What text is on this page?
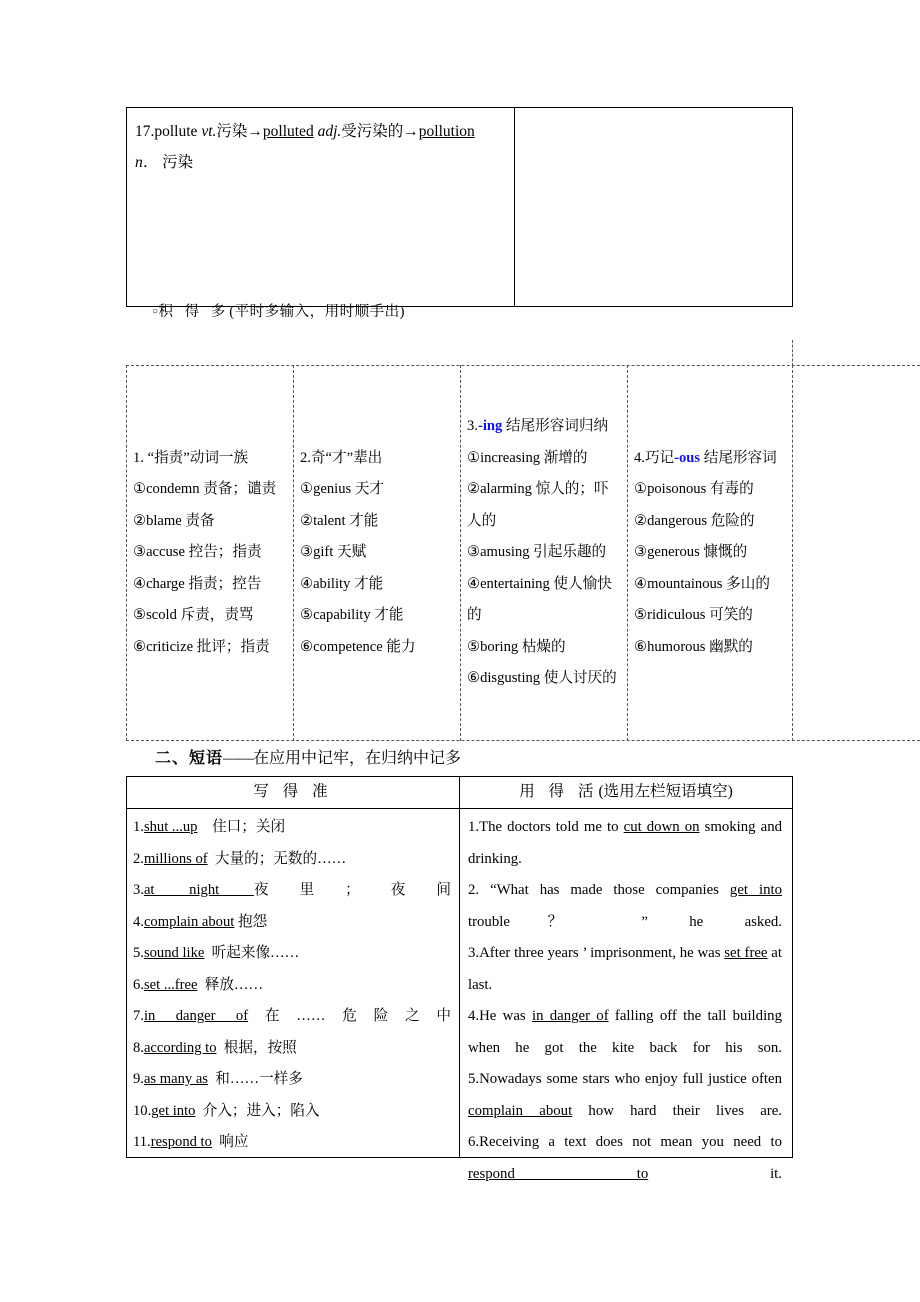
17.pollute vt.污染→polluted adj.受污染的→pollution
n． 污染
○积 得 多(平时多输入，用时顺手出)
1. “指责”动词一族
①condemn 责备；谴责
②blame 责备
③accuse 控告；指责
④charge 指责；控告
⑤scold 斥责，责骂
⑥criticize 批评；指责
2.奇“才”辈出
①genius 天才
②talent 才能
③gift 天赋
④ability 才能
⑤capability 才能
⑥competence 能力
3.-ing 结尾形容词归纳
①increasing 渐增的
②alarming 惊人的；吓人的
③amusing 引起乐趣的
④entertaining 使人愉快的
⑤boring 枯燥的
⑥disgusting 使人讨厌的
4.巧记-ous 结尾形容词
①poisonous 有毒的
②dangerous 危险的
③generous 慷慨的
④mountainous 多山的
⑤ridiculous 可笑的
⑥humorous 幽默的
二、短语——在应用中记牢，在归纳中记多
写 得 准	用 得 活(选用左栏短语填空)
1.shut ...up 住口；关闭
2.millions of 大量的；无数的……
3.at night 夜里；夜间
4.complain about 抱怨
5.sound like 听起来像……
6.set ...free 释放……
7.in danger of在……危险之中
8.according to 根据，按照
9.as many as 和……一样多
10.get into 介入；进入；陷入
11.respond to 响应
1.The doctors told me to cut down on smoking and drinking.
2. “What has made those companies get into trouble？ ” he asked.
3.After three years ’ imprisonment, he was set free at last.
4.He was in danger of falling off the tall building when he got the kite back for his son.
5.Nowadays some stars who enjoy full justice often complain about how hard their lives are.
6.Receiving a text does not mean you need to respond to it.
